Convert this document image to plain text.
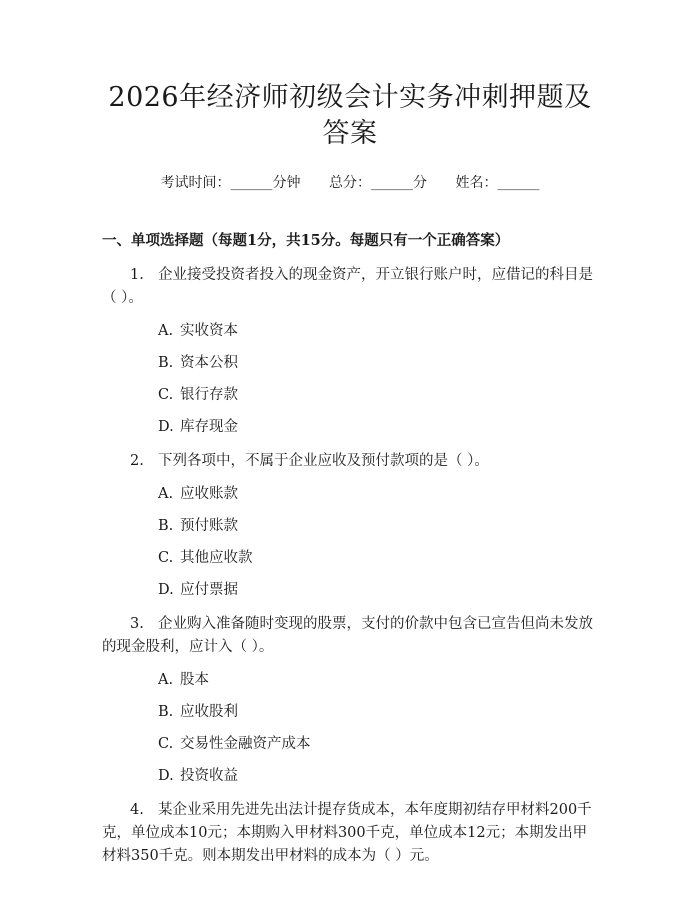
2026年经济师初级会计实务冲刺押题及答案
考试时间：______分钟 总分：______分 姓名：______
一、单项选择题（每题1分，共15分。每题只有一个正确答案）
1. 企业接受投资者投入的现金资产，开立银行账户时，应借记的科目是（ ）。
A. 实收资本
B. 资本公积
C. 银行存款
D. 库存现金
2. 下列各项中，不属于企业应收及预付款项的是（ ）。
A. 应收账款
B. 预付账款
C. 其他应收款
D. 应付票据
3. 企业购入准备随时变现的股票，支付的价款中包含已宣告但尚未发放的现金股利，应计入（ ）。
A. 股本
B. 应收股利
C. 交易性金融资产成本
D. 投资收益
4. 某企业采用先进先出法计提存货成本，本年度期初结存甲材料200千克，单位成本10元；本期购入甲材料300千克，单位成本12元；本期发出甲材料350千克。则本期发出甲材料的成本为（ ）元。
